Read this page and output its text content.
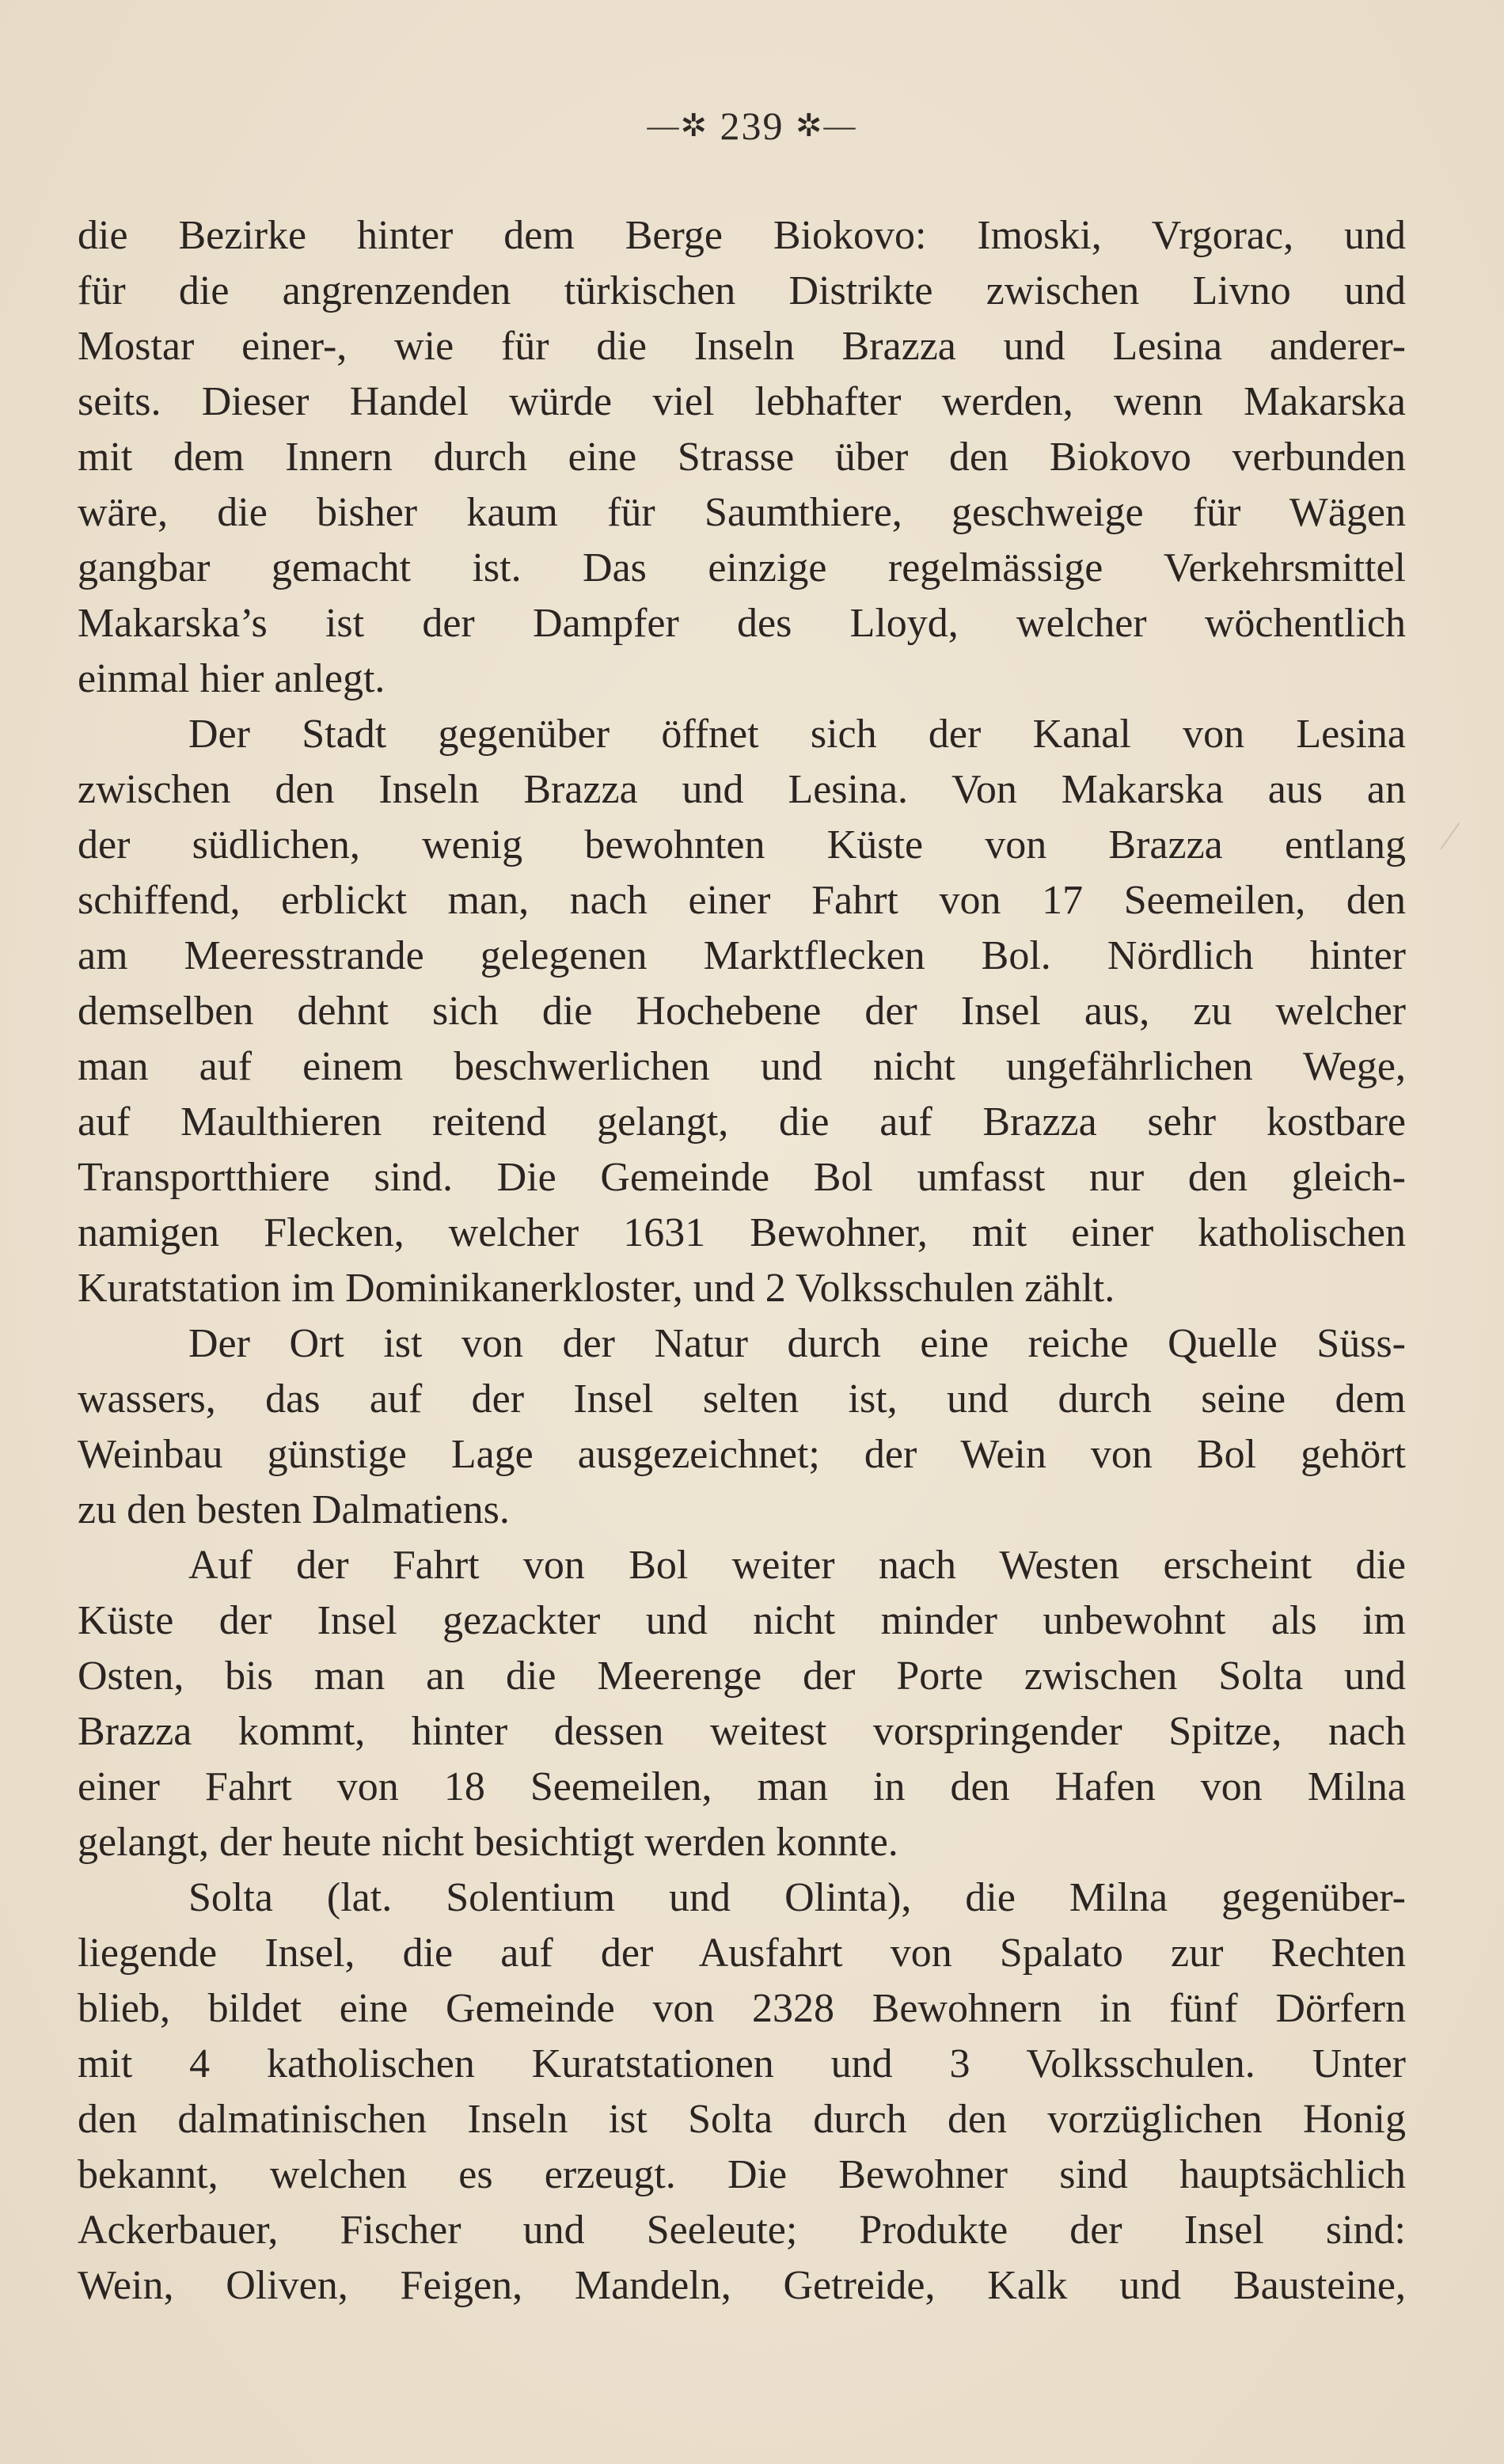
—✲ 239 ✲—
die Bezirke hinter dem Berge Biokovo: Imoski, Vrgorac, und
für die angrenzenden türkischen Distrikte zwischen Livno und
Mostar einer-, wie für die Inseln Brazza und Lesina anderer-
seits. Dieser Handel würde viel lebhafter werden, wenn Makarska
mit dem Innern durch eine Strasse über den Biokovo verbunden
wäre, die bisher kaum für Saumthiere, geschweige für Wägen
gangbar gemacht ist. Das einzige regelmässige Verkehrsmittel
Makarska’s ist der Dampfer des Lloyd, welcher wöchentlich
einmal hier anlegt.
Der Stadt gegenüber öffnet sich der Kanal von Lesina
zwischen den Inseln Brazza und Lesina. Von Makarska aus an
der südlichen, wenig bewohnten Küste von Brazza entlang
schiffend, erblickt man, nach einer Fahrt von 17 Seemeilen, den
am Meeresstrande gelegenen Marktflecken Bol. Nördlich hinter
demselben dehnt sich die Hochebene der Insel aus, zu welcher
man auf einem beschwerlichen und nicht ungefährlichen Wege,
auf Maulthieren reitend gelangt, die auf Brazza sehr kostbare
Transportthiere sind. Die Gemeinde Bol umfasst nur den gleich-
namigen Flecken, welcher 1631 Bewohner, mit einer katholischen
Kuratstation im Dominikanerkloster, und 2 Volksschulen zählt.
Der Ort ist von der Natur durch eine reiche Quelle Süss-
wassers, das auf der Insel selten ist, und durch seine dem
Weinbau günstige Lage ausgezeichnet; der Wein von Bol gehört
zu den besten Dalmatiens.
Auf der Fahrt von Bol weiter nach Westen erscheint die
Küste der Insel gezackter und nicht minder unbewohnt als im
Osten, bis man an die Meerenge der Porte zwischen Solta und
Brazza kommt, hinter dessen weitest vorspringender Spitze, nach
einer Fahrt von 18 Seemeilen, man in den Hafen von Milna
gelangt, der heute nicht besichtigt werden konnte.
Solta (lat. Solentium und Olinta), die Milna gegenüber-
liegende Insel, die auf der Ausfahrt von Spalato zur Rechten
blieb, bildet eine Gemeinde von 2328 Bewohnern in fünf Dörfern
mit 4 katholischen Kuratstationen und 3 Volksschulen. Unter
den dalmatinischen Inseln ist Solta durch den vorzüglichen Honig
bekannt, welchen es erzeugt. Die Bewohner sind hauptsächlich
Ackerbauer, Fischer und Seeleute; Produkte der Insel sind:
Wein, Oliven, Feigen, Mandeln, Getreide, Kalk und Bausteine,
